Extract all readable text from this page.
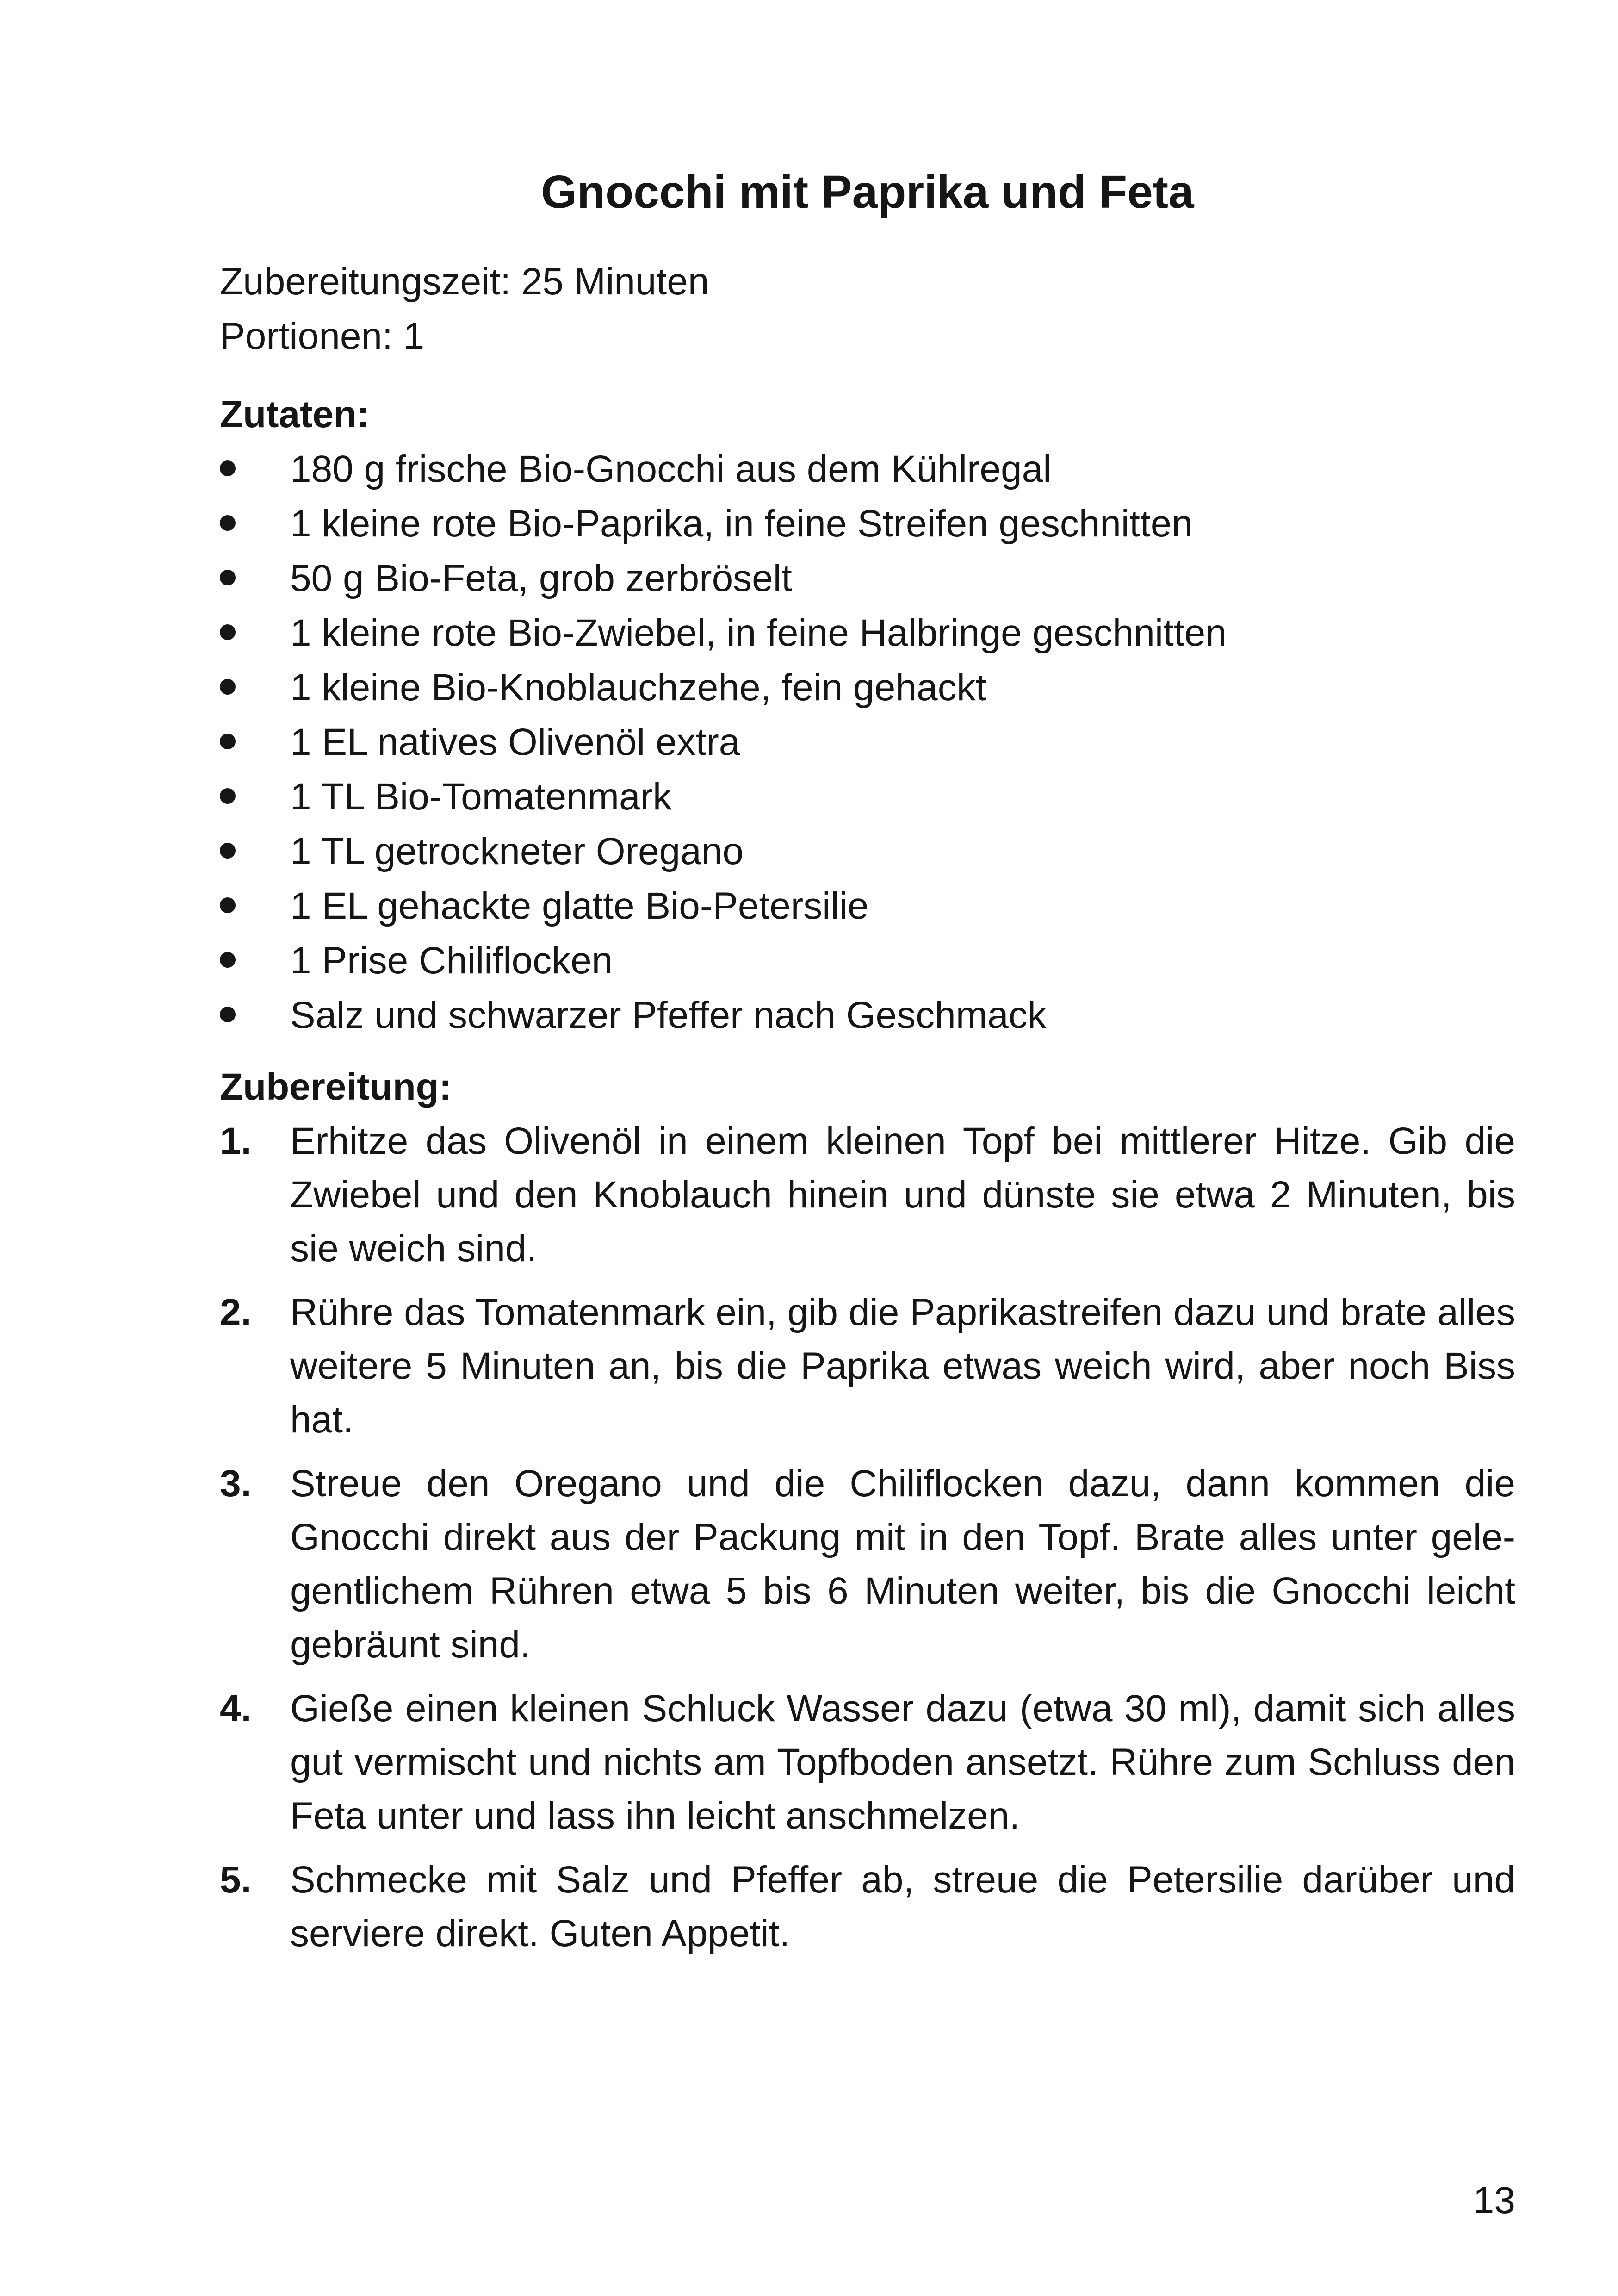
Gnocchi mit Paprika und Feta
Zubereitungszeit: 25 Minuten
Portionen: 1
Zutaten:
180 g frische Bio-Gnocchi aus dem Kühlregal
1 kleine rote Bio-Paprika, in feine Streifen geschnitten
50 g Bio-Feta, grob zerbröselt
1 kleine rote Bio-Zwiebel, in feine Halbringe geschnitten
1 kleine Bio-Knoblauchzehe, fein gehackt
1 EL natives Olivenöl extra
1 TL Bio-Tomatenmark
1 TL getrockneter Oregano
1 EL gehackte glatte Bio-Petersilie
1 Prise Chiliflocken
Salz und schwarzer Pfeffer nach Geschmack
Zubereitung:
1. Erhitze das Olivenöl in einem kleinen Topf bei mittlerer Hitze. Gib die Zwiebel und den Knoblauch hinein und dünste sie etwa 2 Minuten, bis sie weich sind.
2. Rühre das Tomatenmark ein, gib die Paprikastreifen dazu und brate alles weitere 5 Minuten an, bis die Paprika etwas weich wird, aber noch Biss hat.
3. Streue den Oregano und die Chiliflocken dazu, dann kommen die Gnocchi direkt aus der Packung mit in den Topf. Brate alles unter gelegentlichem Rühren etwa 5 bis 6 Minuten weiter, bis die Gnocchi leicht gebräunt sind.
4. Gieße einen kleinen Schluck Wasser dazu (etwa 30 ml), damit sich alles gut vermischt und nichts am Topfboden ansetzt. Rühre zum Schluss den Feta unter und lass ihn leicht anschmelzen.
5. Schmecke mit Salz und Pfeffer ab, streue die Petersilie darüber und serviere direkt. Guten Appetit.
13
